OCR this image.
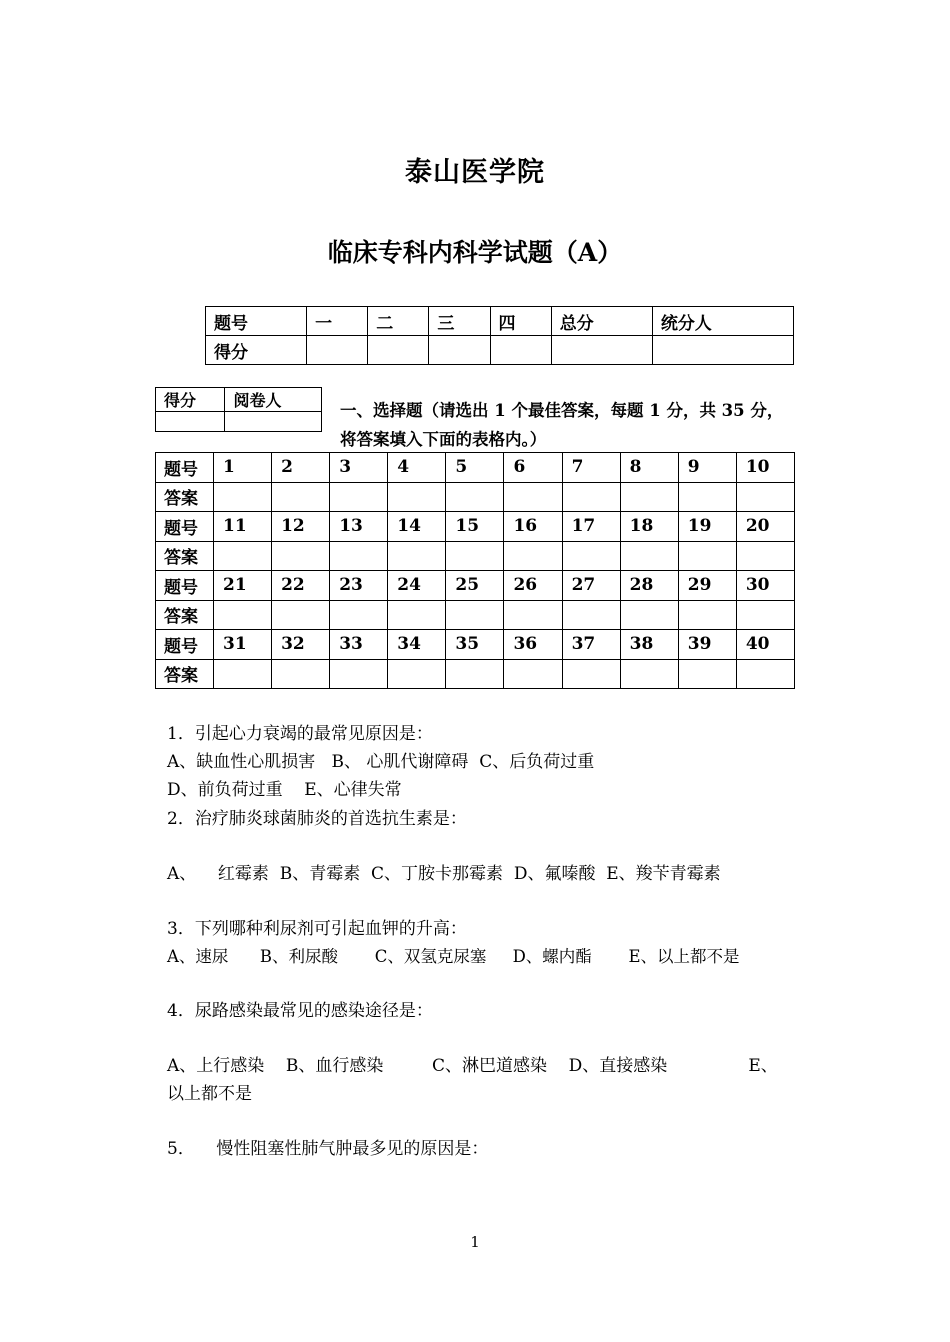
泰山医学院
临床专科内科学试题（A）
题号	一	二	三	四	总分	统分人
得分						
得分	阅卷人

一、选择题（请选出 1 个最佳答案，每题 1 分，共 35 分，
将答案填入下面的表格内。）
题号	1	2	3	4	5	6	7	8	9	10
答案										
题号	11	12	13	14	15	16	17	18	19	20
答案										
题号	21	22	23	24	25	26	27	28	29	30
答案										
题号	31	32	33	34	35	36	37	38	39	40
答案										
1．引起心力衰竭的最常见原因是：
A、缺血性心肌损害   B、 心肌代谢障碍  C、后负荷过重
D、前负荷过重    E、心律失常
2．治疗肺炎球菌肺炎的首选抗生素是：
A、    红霉素  B、青霉素  C、丁胺卡那霉素  D、氟嗪酸  E、羧苄青霉素
3．下列哪种利尿剂可引起血钾的升高：
A、速尿      B、利尿酸       C、双氢克尿塞     D、螺内酯       E、以上都不是
4．尿路感染最常见的感染途径是：
A、上行感染    B、血行感染         C、淋巴道感染    D、直接感染               E、
以上都不是
5．    慢性阻塞性肺气肿最多见的原因是：
1
